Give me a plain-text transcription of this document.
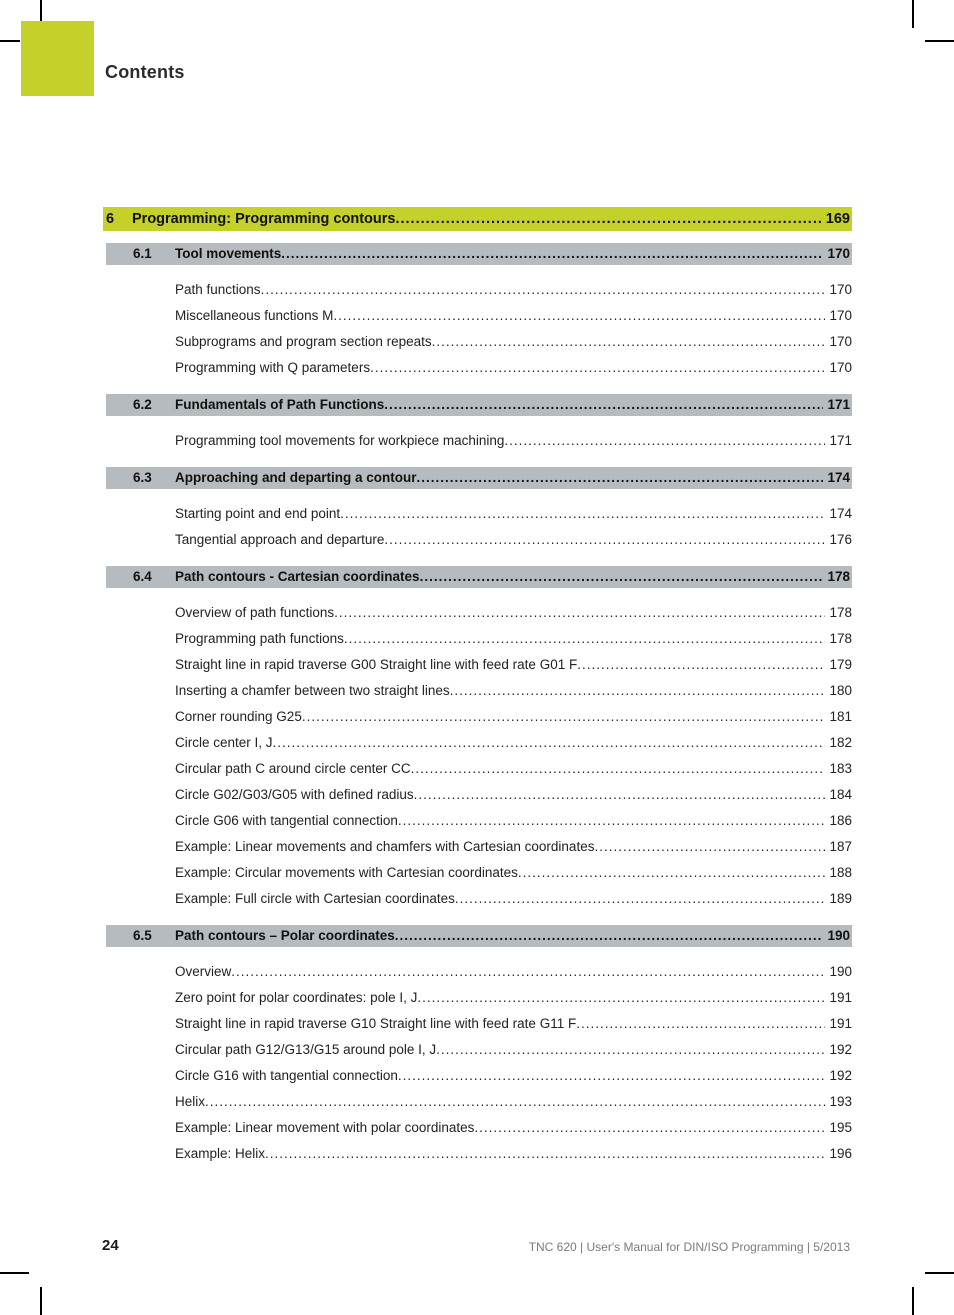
Contents
6	Programming: Programming contours .....	169
6.1	Tool movements .....	170
Path functions .....	170
Miscellaneous functions M .....	170
Subprograms and program section repeats .....	170
Programming with Q parameters .....	170
6.2	Fundamentals of Path Functions .....	171
Programming tool movements for workpiece machining .....	171
6.3	Approaching and departing a contour .....	174
Starting point and end point .....	174
Tangential approach and departure .....	176
6.4	Path contours - Cartesian coordinates .....	178
Overview of path functions .....	178
Programming path functions .....	178
Straight line in rapid traverse G00 Straight line with feed rate G01 F .....	179
Inserting a chamfer between two straight lines .....	180
Corner rounding G25 .....	181
Circle center I, J .....	182
Circular path C around circle center CC .....	183
Circle G02/G03/G05 with defined radius .....	184
Circle G06 with tangential connection .....	186
Example: Linear movements and chamfers with Cartesian coordinates .....	187
Example: Circular movements with Cartesian coordinates .....	188
Example: Full circle with Cartesian coordinates .....	189
6.5	Path contours – Polar coordinates .....	190
Overview .....	190
Zero point for polar coordinates: pole I, J .....	191
Straight line in rapid traverse G10 Straight line with feed rate G11 F .....	191
Circular path G12/G13/G15 around pole I, J .....	192
Circle G16 with tangential connection .....	192
Helix .....	193
Example: Linear movement with polar coordinates .....	195
Example: Helix .....	196
24	TNC 620 | User's Manual for DIN/ISO Programming | 5/2013
